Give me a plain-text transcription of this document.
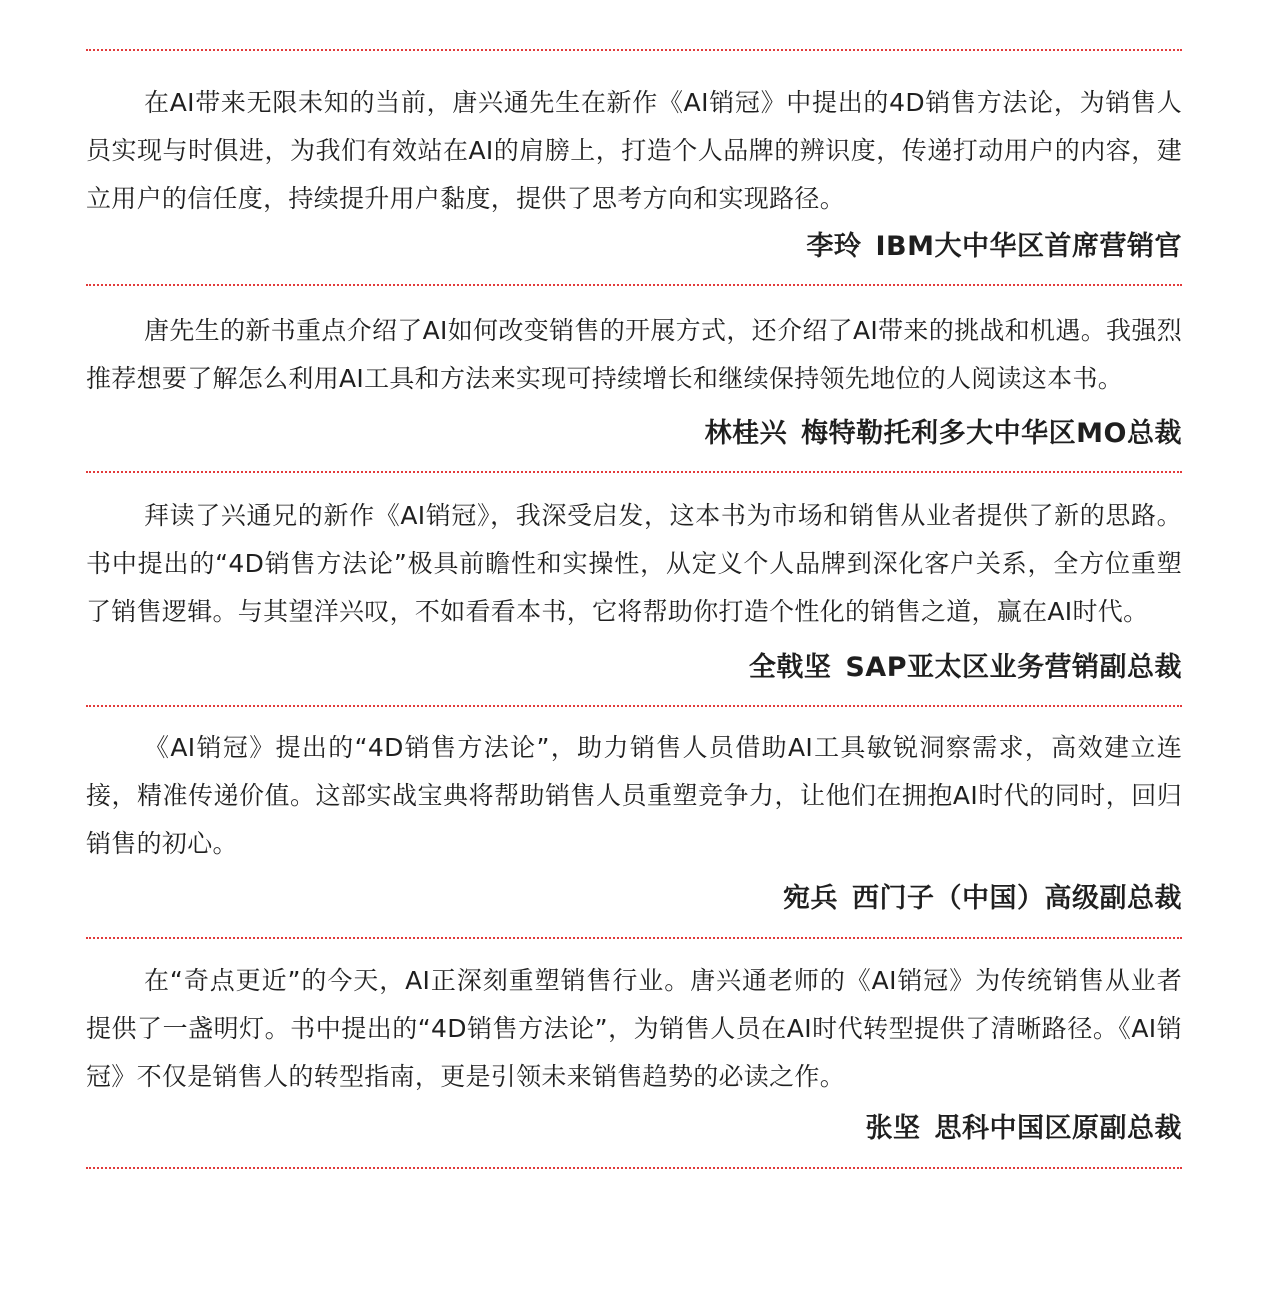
在AI带来无限未知的当前，唐兴通先生在新作《AI销冠》中提出的4D销售方法论，为销售人员实现与时俱进，为我们有效站在AI的肩膀上，打造个人品牌的辨识度，传递打动用户的内容，建立用户的信任度，持续提升用户黏度，提供了思考方向和实现路径。

李玲 IBM大中华区首席营销官

唐先生的新书重点介绍了AI如何改变销售的开展方式，还介绍了AI带来的挑战和机遇。我强烈推荐想要了解怎么利用AI工具和方法来实现可持续增长和继续保持领先地位的人阅读这本书。

林桂兴 梅特勒托利多大中华区MO总裁

拜读了兴通兄的新作《AI销冠》，我深受启发，这本书为市场和销售从业者提供了新的思路。书中提出的“4D销售方法论”极具前瞻性和实操性，从定义个人品牌到深化客户关系，全方位重塑了销售逻辑。与其望洋兴叹，不如看看本书，它将帮助你打造个性化的销售之道，赢在AI时代。

全戟坚 SAP亚太区业务营销副总裁

《AI销冠》提出的“4D销售方法论”，助力销售人员借助AI工具敏锐洞察需求，高效建立连接，精准传递价值。这部实战宝典将帮助销售人员重塑竞争力，让他们在拥抱AI时代的同时，回归销售的初心。

宛兵 西门子（中国）高级副总裁

在“奇点更近”的今天，AI正深刻重塑销售行业。唐兴通老师的《AI销冠》为传统销售从业者提供了一盏明灯。书中提出的“4D销售方法论”，为销售人员在AI时代转型提供了清晰路径。《AI销冠》不仅是销售人的转型指南，更是引领未来销售趋势的必读之作。

张坚 思科中国区原副总裁
